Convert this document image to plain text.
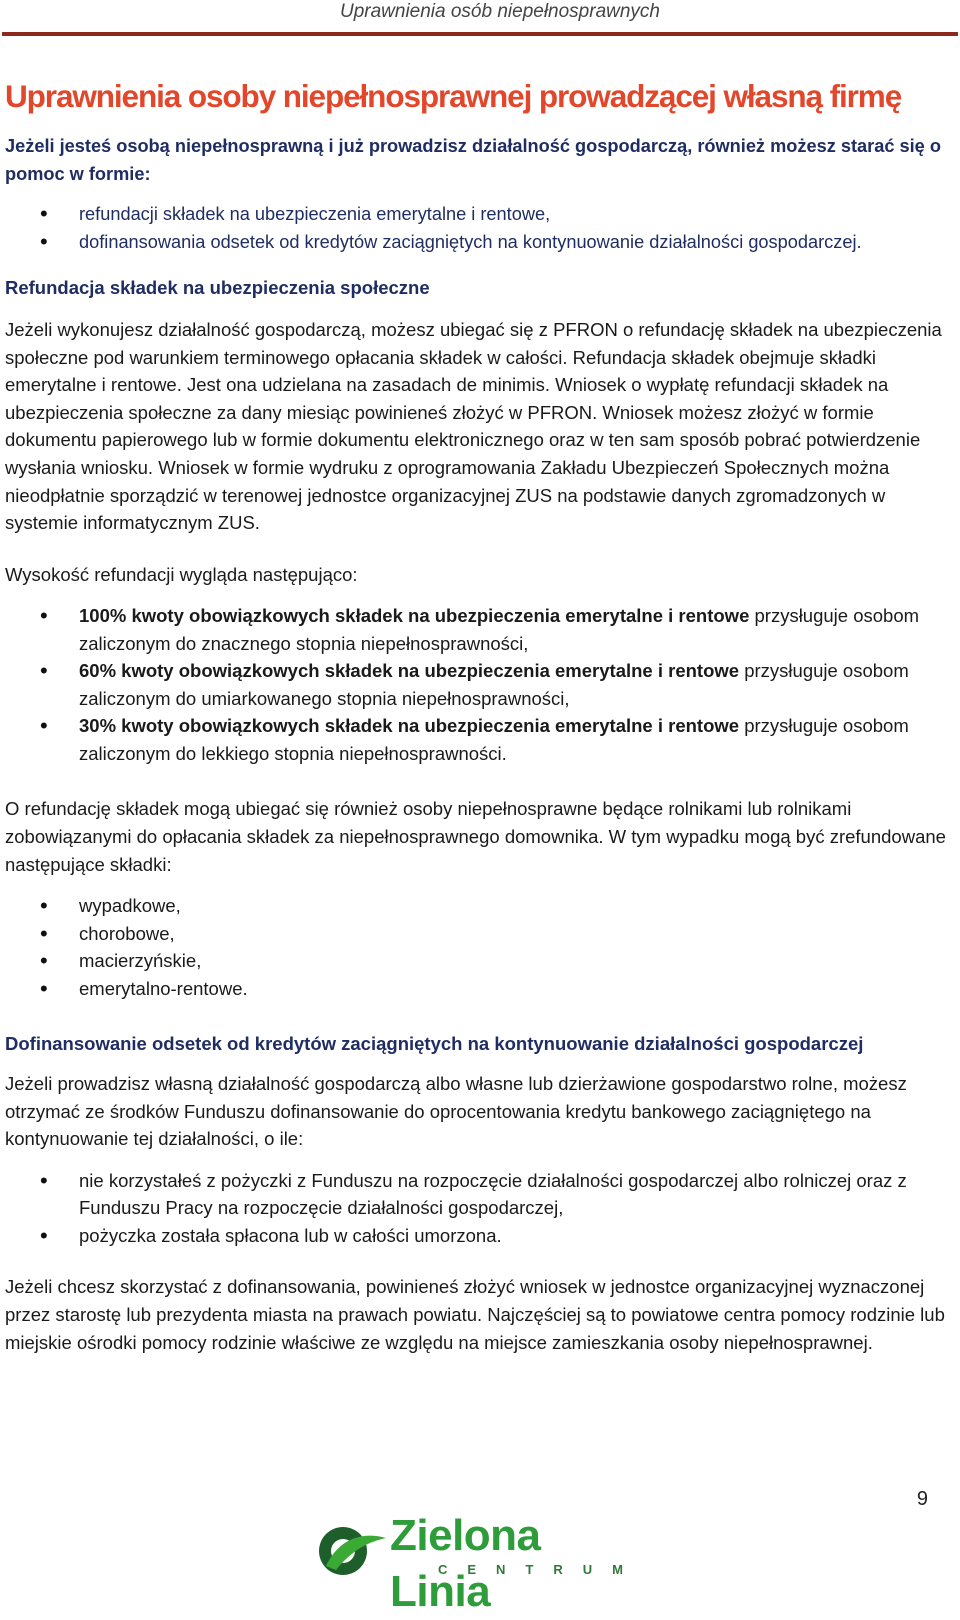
Uprawnienia osób niepełnosprawnych
Uprawnienia osoby niepełnosprawnej prowadzącej własną firmę

Jeżeli jesteś osobą niepełnosprawną i już prowadzisz działalność gospodarczą, również możesz starać się o pomoc w formie:

• refundacji składek na ubezpieczenia emerytalne i rentowe,
• dofinansowania odsetek od kredytów zaciągniętych na kontynuowanie działalności gospodarczej.
Refundacja składek na ubezpieczenia społeczne

Jeżeli wykonujesz działalność gospodarczą, możesz ubiegać się z PFRON o refundację składek na ubezpieczenia społeczne pod warunkiem terminowego opłacania składek w całości. Refundacja składek obejmuje składki emerytalne i rentowe. Jest ona udzielana na zasadach de minimis. Wniosek o wypłatę refundacji składek na ubezpieczenia społeczne za dany miesiąc powinieneś złożyć w PFRON. Wniosek możesz złożyć w formie dokumentu papierowego lub w formie dokumentu elektronicznego oraz w ten sam sposób pobrać potwierdzenie wysłania wniosku. Wniosek w formie wydruku z oprogramowania Zakładu Ubezpieczeń Społecznych można nieodpłatnie sporządzić w terenowej jednostce organizacyjnej ZUS na podstawie danych zgromadzonych w systemie informatycznym ZUS.

Wysokość refundacji wygląda następująco:

• 100% kwoty obowiązkowych składek na ubezpieczenia emerytalne i rentowe przysługuje osobom zaliczonym do znacznego stopnia niepełnosprawności,
• 60% kwoty obowiązkowych składek na ubezpieczenia emerytalne i rentowe przysługuje osobom zaliczonym do umiarkowanego stopnia niepełnosprawności,
• 30% kwoty obowiązkowych składek na ubezpieczenia emerytalne i rentowe przysługuje osobom zaliczonym do lekkiego stopnia niepełnosprawności.

O refundację składek mogą ubiegać się również osoby niepełnosprawne będące rolnikami lub rolnikami zobowiązanymi do opłacania składek za niepełnosprawnego domownika. W tym wypadku mogą być zrefundowane następujące składki:

• wypadkowe,
• chorobowe,
• macierzyńskie,
• emerytalno-rentowe.
Dofinansowanie odsetek od kredytów zaciągniętych na kontynuowanie działalności gospodarczej

Jeżeli prowadzisz własną działalność gospodarczą albo własne lub dzierżawione gospodarstwo rolne, możesz otrzymać ze środków Funduszu dofinansowanie do oprocentowania kredytu bankowego zaciągniętego na kontynuowanie tej działalności, o ile:

• nie korzystałeś z pożyczki z Funduszu na rozpoczęcie działalności gospodarczej albo rolniczej oraz z Funduszu Pracy na rozpoczęcie działalności gospodarczej,
• pożyczka została spłacona lub w całości umorzona.

Jeżeli chcesz skorzystać z dofinansowania, powinieneś złożyć wniosek w jednostce organizacyjnej wyznaczonej przez starostę lub prezydenta miasta na prawach powiatu. Najczęściej są to powiatowe centra pomocy rodzinie lub miejskie ośrodki pomocy rodzinie właściwe ze względu na miejsce zamieszkania osoby niepełnosprawnej.

9
Zielona Linia
CENTRUM
